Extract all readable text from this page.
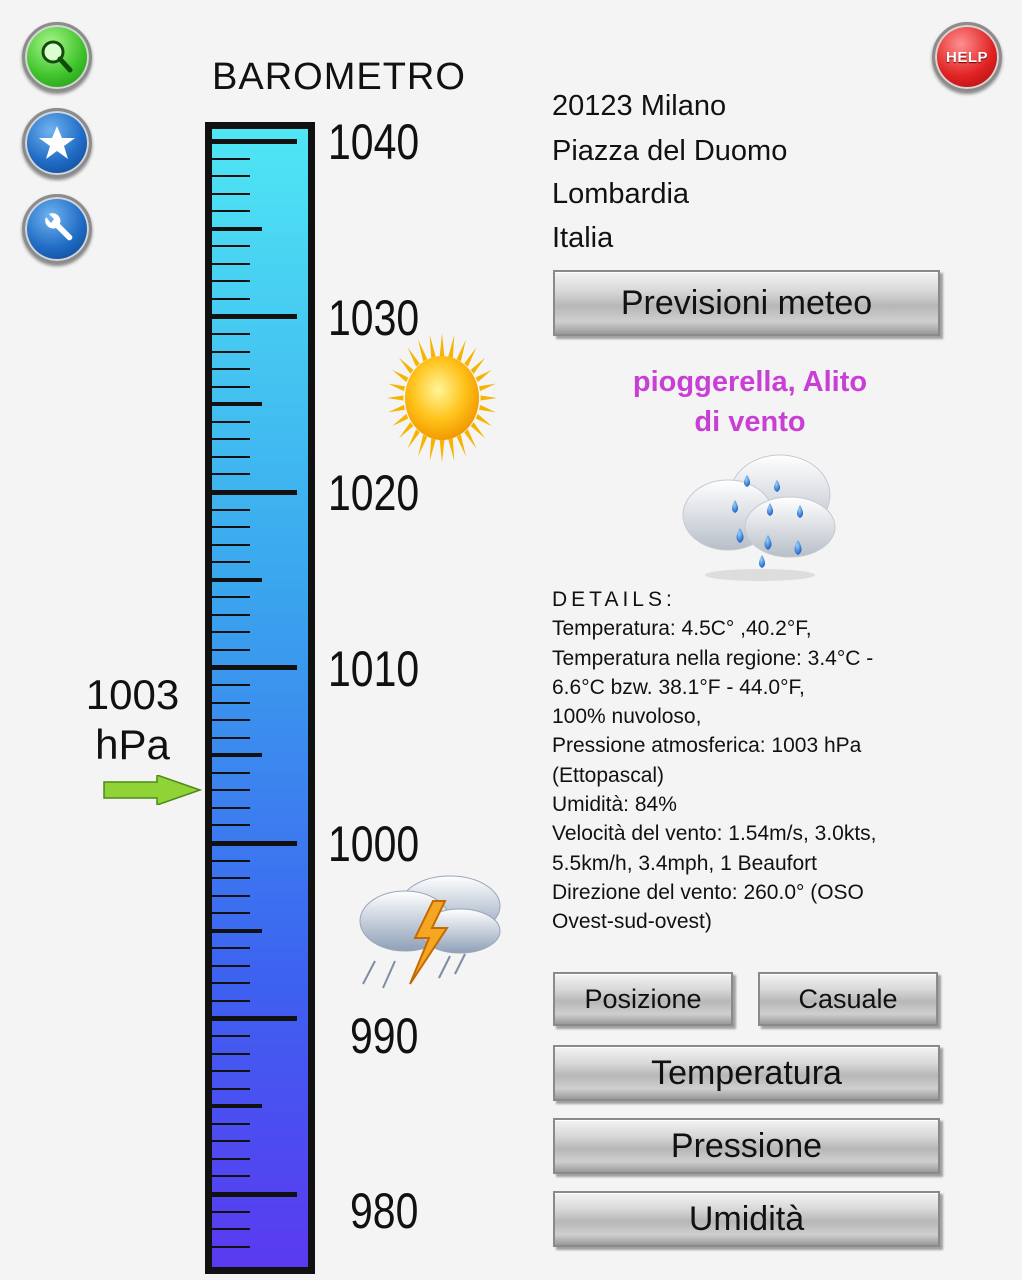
HELP
BAROMETRO
1040
1030
1020
1010
1000
990
980
1003
hPa
20123 Milano
Piazza del Duomo
Lombardia
Italia
Previsioni meteo
pioggerella, Alito
di vento
DETAILS:
Temperatura: 4.5C° ,40.2°F,
Temperatura nella regione: 3.4°C -
6.6°C bzw. 38.1°F - 44.0°F,
100% nuvoloso,
Pressione atmosferica: 1003 hPa
(Ettopascal)
Umidità: 84%
Velocità del vento: 1.54m/s, 3.0kts,
5.5km/h, 3.4mph, 1 Beaufort
Direzione del vento: 260.0° (OSO
Ovest-sud-ovest)
Posizione	Casuale
Temperatura
Pressione
Umidità
